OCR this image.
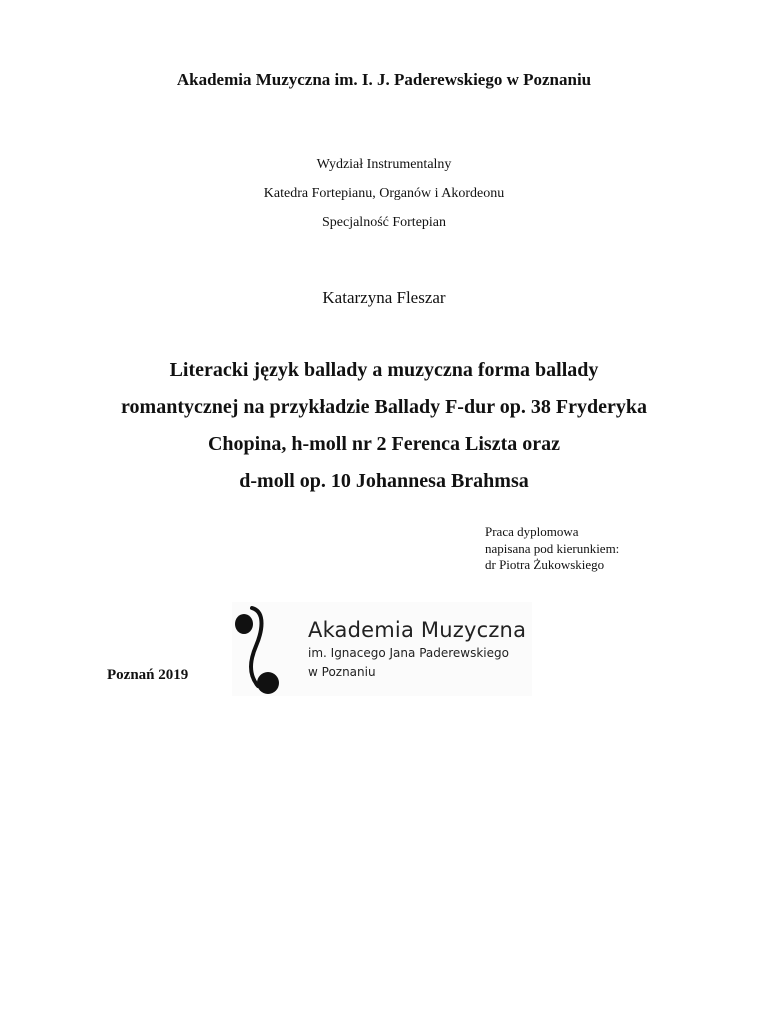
Akademia Muzyczna im. I. J. Paderewskiego w Poznaniu
Wydział Instrumentalny
Katedra Fortepianu, Organów i Akordeonu
Specjalność Fortepian
Katarzyna Fleszar
Literacki język ballady a muzyczna forma ballady
romantycznej na przykładzie Ballady F-dur op. 38 Fryderyka
Chopina, h-moll nr 2 Ferenca Liszta oraz
d-moll op. 10 Johannesa Brahmsa
Praca dyplomowa
napisana pod kierunkiem:
dr Piotra Żukowskiego
Poznań 2019
Akademia Muzyczna
im. Ignacego Jana Paderewskiego
w Poznaniu
